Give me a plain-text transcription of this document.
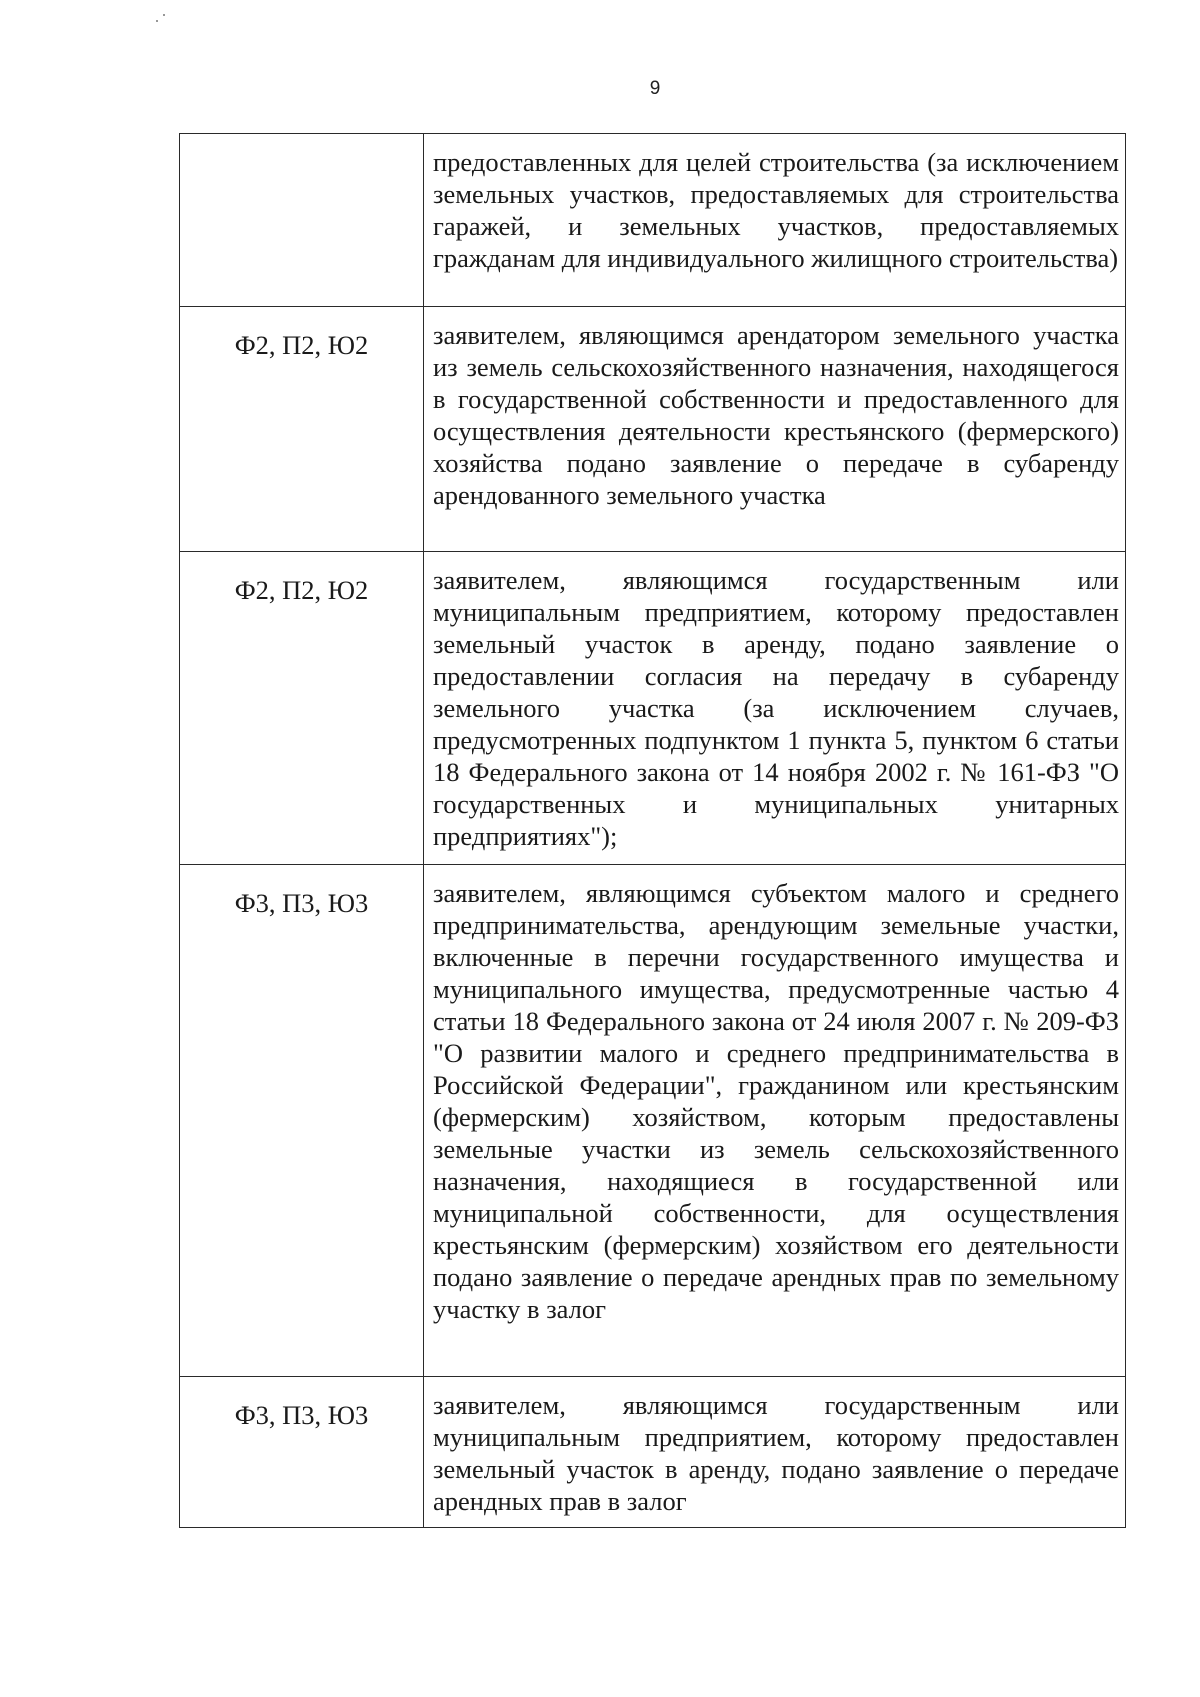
9
	предоставленных для целей строительства (за исключением земельных участков, предоставляемых для строительства гаражей, и земельных участков, предоставляемых гражданам для индивидуального жилищного строительства)
Ф2, П2, Ю2	заявителем, являющимся арендатором земельного участка из земель сельскохозяйственного назначения, находящегося в государственной собственности и предоставленного для осуществления деятельности крестьянского (фермерского) хозяйства подано заявление о передаче в субаренду арендованного земельного участка
Ф2, П2, Ю2	заявителем, являющимся государственным или муниципальным предприятием, которому предоставлен земельный участок в аренду, подано заявление о предоставлении согласия на передачу в субаренду земельного участка (за исключением случаев, предусмотренных подпунктом 1 пункта 5, пунктом 6 статьи 18 Федерального закона от 14 ноября 2002 г. № 161-ФЗ "О государственных и муниципальных унитарных предприятиях");
Ф3, П3, Ю3	заявителем, являющимся субъектом малого и среднего предпринимательства, арендующим земельные участки, включенные в перечни государственного имущества и муниципального имущества, предусмотренные частью 4 статьи 18 Федерального закона от 24 июля 2007 г. № 209-ФЗ "О развитии малого и среднего предпринимательства в Российской Федерации", гражданином или крестьянским (фермерским) хозяйством, которым предоставлены земельные участки из земель сельскохозяйственного назначения, находящиеся в государственной или муниципальной собственности, для осуществления крестьянским (фермерским) хозяйством его деятельности подано заявление о передаче арендных прав по земельному участку в залог
Ф3, П3, Ю3	заявителем, являющимся государственным или муниципальным предприятием, которому предоставлен земельный участок в аренду, подано заявление о передаче арендных прав в залог
